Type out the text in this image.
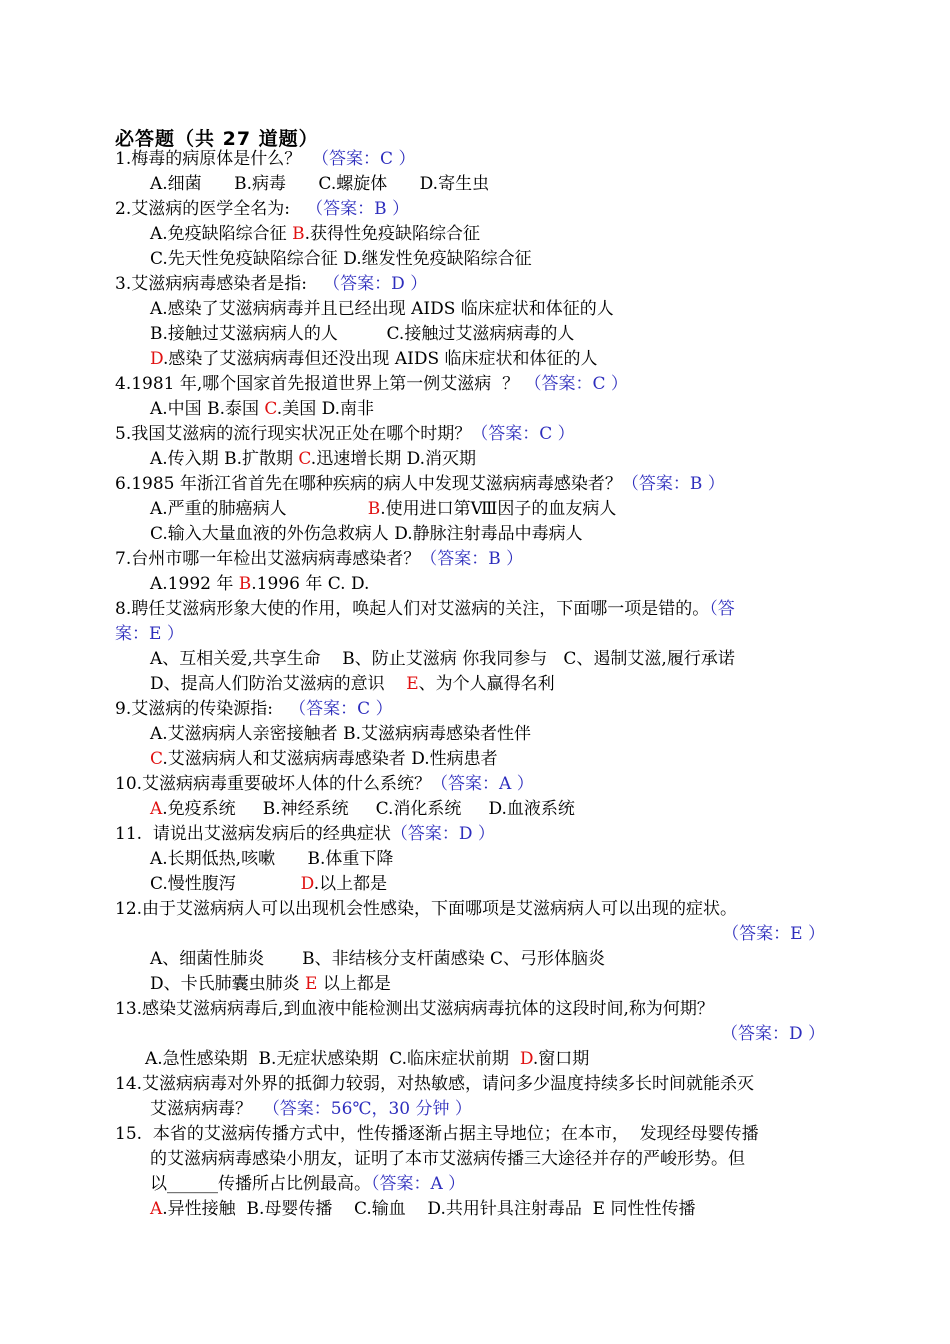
必答题（共 27 道题）
1.梅毒的病原体是什么？  （答案：C ）
A.细菌      B.病毒      C.螺旋体      D.寄生虫
2.艾滋病的医学全名为:   （答案：B ）
A.免疫缺陷综合征 B.获得性免疫缺陷综合征
C.先天性免疫缺陷综合征 D.继发性免疫缺陷综合征
3.艾滋病病毒感染者是指:   （答案：D ）
A.感染了艾滋病病毒并且已经出现 AIDS 临床症状和体征的人
B.接触过艾滋病病人的人         C.接触过艾滋病病毒的人
D.感染了艾滋病病毒但还没出现 AIDS 临床症状和体征的人
4.1981 年,哪个国家首先报道世界上第一例艾滋病  ？ （答案：C ）
A.中国 B.泰国 C.美国 D.南非
5.我国艾滋病的流行现实状况正处在哪个时期？（答案：C ）
A.传入期 B.扩散期 C.迅速增长期 D.消灭期
6.1985 年浙江省首先在哪种疾病的病人中发现艾滋病病毒感染者？（答案：B ）
A.严重的肺癌病人               B.使用进口第Ⅷ因子的血友病人
C.输入大量血液的外伤急救病人 D.静脉注射毒品中毒病人
7.台州市哪一年检出艾滋病病毒感染者？（答案：B ）
A.1992 年 B.1996 年 C. D.
8.聘任艾滋病形象大使的作用，唤起人们对艾滋病的关注，下面哪一项是错的。（答
案：E ）
A、互相关爱,共享生命    B、防止艾滋病 你我同参与   C、遏制艾滋,履行承诺
D、提高人们防治艾滋病的意识    E、为个人赢得名利
9.艾滋病的传染源指:   （答案：C ）
A.艾滋病病人亲密接触者 B.艾滋病病毒感染者性伴
C.艾滋病病人和艾滋病病毒感染者 D.性病患者
10.艾滋病病毒重要破坏人体的什么系统？（答案：A ）
A.免疫系统     B.神经系统     C.消化系统     D.血液系统
11.  请说出艾滋病发病后的经典症状（答案：D ）
A.长期低热,咳嗽      B.体重下降
C.慢性腹泻            D.以上都是
12.由于艾滋病病人可以出现机会性感染，下面哪项是艾滋病病人可以出现的症状。
（答案：E ）
A、细菌性肺炎       B、非结核分支杆菌感染 C、弓形体脑炎
D、卡氏肺囊虫肺炎 E 以上都是
13.感染艾滋病病毒后,到血液中能检测出艾滋病病毒抗体的这段时间,称为何期？
（答案：D ）
A.急性感染期  B.无症状感染期  C.临床症状前期  D.窗口期
14.艾滋病病毒对外界的抵御力较弱，对热敏感，请问多少温度持续多长时间就能杀灭
艾滋病病毒？  （答案：56℃，30 分钟 ）
15.  本省的艾滋病传播方式中，性传播逐渐占据主导地位；在本市，  发现经母婴传播
的艾滋病病毒感染小朋友，证明了本市艾滋病传播三大途径并存的严峻形势。但
以______传播所占比例最高。（答案：A ）
A.异性接触  B.母婴传播    C.输血    D.共用针具注射毒品  E 同性性传播
